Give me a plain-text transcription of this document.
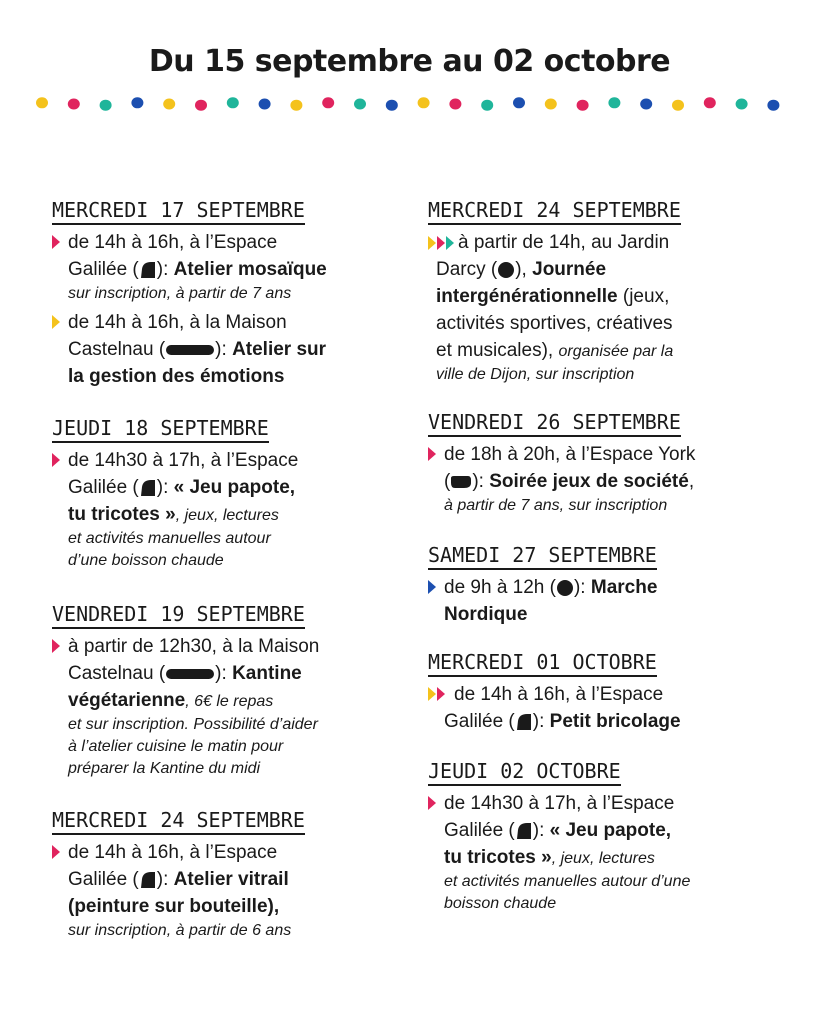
Du 15 septembre au 02 octobre
MERCREDI 17 SEPTEMBRE
de 14h à 16h, à l’Espace
Galilée ( ): Atelier mosaïque
sur inscription, à partir de 7 ans
de 14h à 16h, à la Maison
Castelnau (	): Atelier sur
la gestion des émotions
JEUDI 18 SEPTEMBRE
de 14h30 à 17h, à l’Espace
Galilée ( ): « Jeu papote,
tu tricotes », jeux, lectures
et activités manuelles autour
d’une boisson chaude
VENDREDI 19 SEPTEMBRE
à partir de 12h30, à la Maison
Castelnau (	): Kantine
végétarienne, 6€ le repas
et sur inscription. Possibilité d’aider
à l’atelier cuisine le matin pour
préparer la Kantine du midi
MERCREDI 24 SEPTEMBRE
de 14h à 16h, à l’Espace
Galilée ( ): Atelier vitrail
(peinture sur bouteille),
sur inscription, à partir de 6 ans
MERCREDI 24 SEPTEMBRE
à partir de 14h, au Jardin
Darcy ( ), Journée
intergénérationnelle (jeux,
activités sportives, créatives
et musicales), organisée par la
ville de Dijon, sur inscription
VENDREDI 26 SEPTEMBRE
de 18h à 20h, à l’Espace York
( ): Soirée jeux de société,
à partir de 7 ans, sur inscription
SAMEDI 27 SEPTEMBRE
de 9h à 12h ( ): Marche
Nordique
MERCREDI 01 OCTOBRE
de 14h à 16h, à l’Espace
Galilée ( ): Petit bricolage
JEUDI 02 OCTOBRE
de 14h30 à 17h, à l’Espace
Galilée ( ): « Jeu papote,
tu tricotes », jeux, lectures
et activités manuelles autour d’une
boisson chaude
